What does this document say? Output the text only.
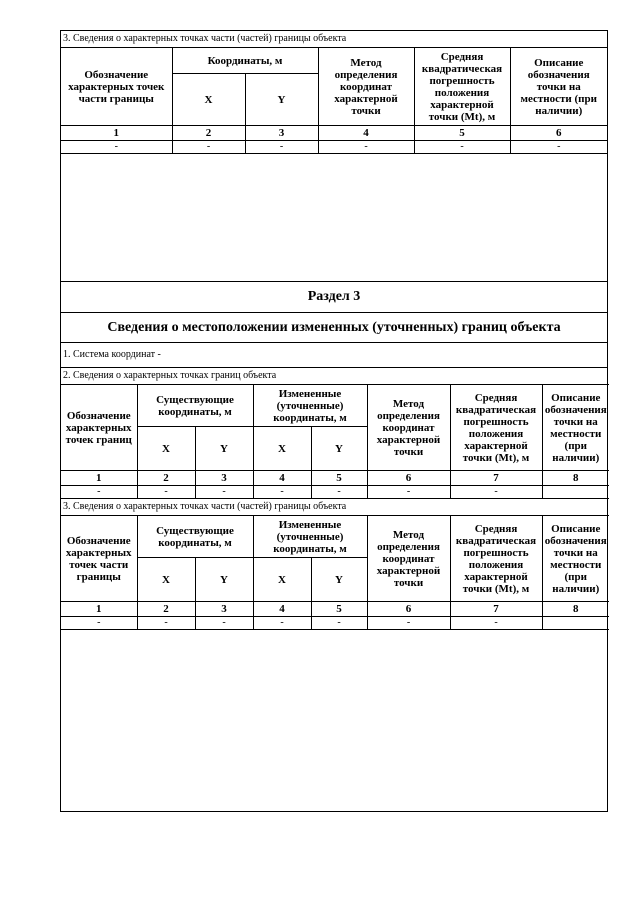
3. Сведения о характерных точках части (частей) границы объекта					
Обозначение характерных точек части границы	Координаты, м		Метод определения координат характерной точки	Средняя квадратическая погрешность положения характерной точки (Mt), м	Описание обозначения точки на местности (при наличии)
	X	Y			
1	2	3	4	5	6
-	-	-	-	-	-
Раздел 3
Сведения о местоположении измененных (уточненных) границ объекта
1. Система координат -
2. Сведения о характерных точках границ объекта							
Обозначение характерных точек границ	Существующие координаты, м		Измененные (уточненные) координаты, м		Метод определения координат характерной точки	Средняя квадратическая погрешность положения характерной точки (Mt), м	Описание обозначения точки на местности (при наличии)
	X	Y	X	Y			
1	2	3	4	5	6	7	8
-	-	-	-	-	-	-	
3. Сведения о характерных точках части (частей) границы объекта							
Обозначение характерных точек части границы	Существующие координаты, м		Измененные (уточненные) координаты, м		Метод определения координат характерной точки	Средняя квадратическая погрешность положения характерной точки (Mt), м	Описание обозначения точки на местности (при наличии)
	X	Y	X	Y			
1	2	3	4	5	6	7	8
-	-	-	-	-	-	-	
